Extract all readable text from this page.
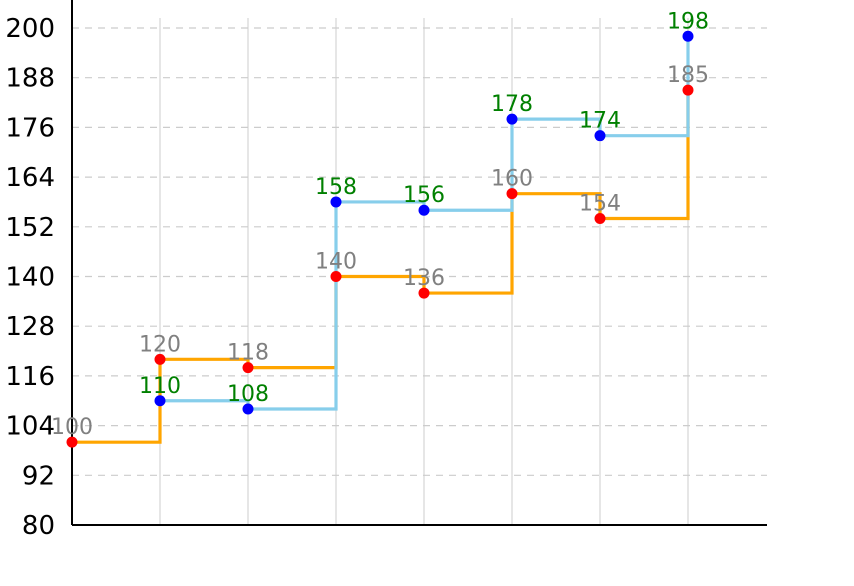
80
92
104
116
128
140
152
164
176
188
200
100
120 118
140
136
160
154
185
110 108
158 156
178
174
198
